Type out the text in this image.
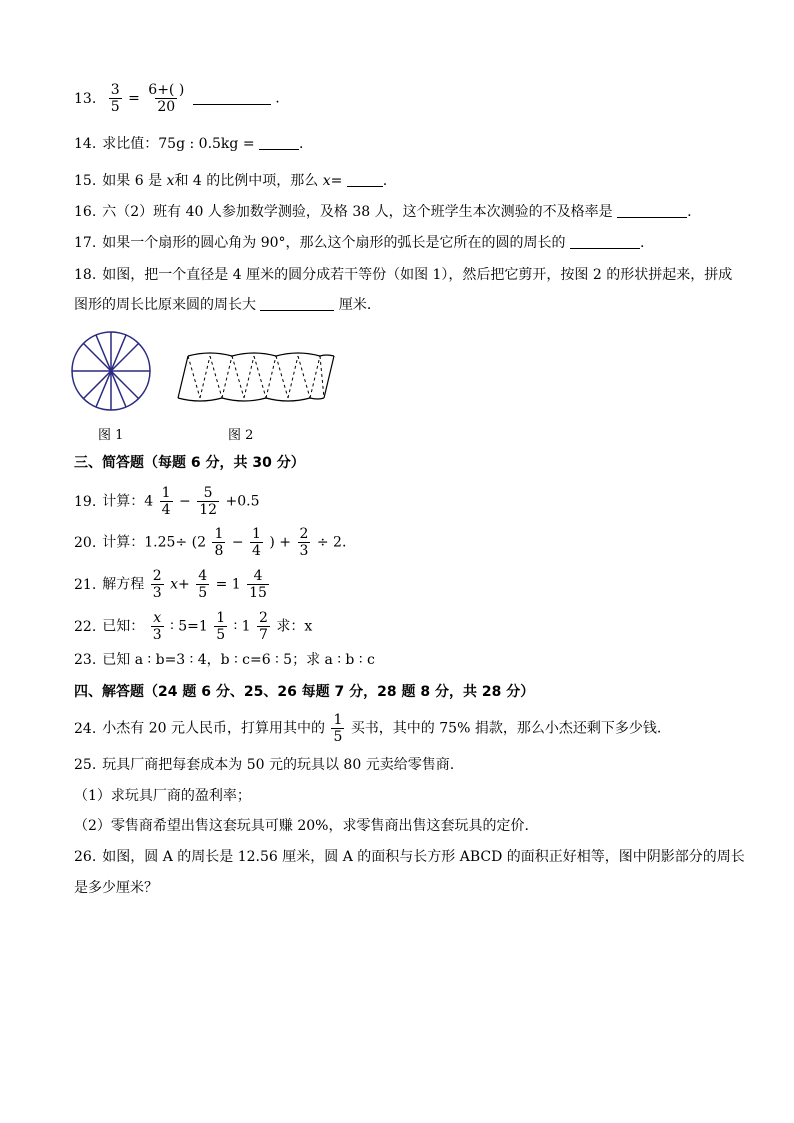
13. $\frac{3}{5} = \frac{6+( )}{20}$	.
14. 求比值：75g : 0.5kg =	.
15. 如果 6 是 x和 4 的比例中项，那么 x=	.
16. 六（2）班有 40 人参加数学测验，及格 38 人，这个班学生本次测验的不及格率是	.
17. 如果一个扇形的圆心角为 90°，那么这个扇形的弧长是它所在的圆的周长的	.
18. 如图，把一个直径是 4 厘米的圆分成若干等份（如图 1），然后把它剪开，按图 2 的形状拼起来，拼成
图形的周长比原来圆的周长大	厘米.
图 1	图 2
三、简答题（每题 6 分，共 30 分）
19. 计算：$4 \frac{1}{4} - \frac{5}{12} +0.5$
20. 计算：$1.25\div (2 \frac{1}{8} - \frac{1}{4}$ ) + $\frac{2}{3} \div 2$.
21. 解方程 $\frac{2}{3} x+ \frac{4}{5} = 1 \frac{4}{15}$
22. 已知： $\frac{x}{3}$ ∶ $5=1 \frac{1}{5}$ ∶ $1 \frac{2}{7}$ 求：x
23. 已知 a ∶ b=3 ∶ 4，b ∶ c=6 ∶ 5；求 a ∶ b ∶ c
四、解答题（24 题 6 分、25、26 每题 7 分，28 题 8 分，共 28 分）
24. 小杰有 20 元人民币，打算用其中的 $\frac{1}{5}$ 买书，其中的 75% 捐款，那么小杰还剩下多少钱.
25. 玩具厂商把每套成本为 50 元的玩具以 80 元卖给零售商.
（1）求玩具厂商的盈利率；
（2）零售商希望出售这套玩具可赚 20%，求零售商出售这套玩具的定价.
26. 如图，圆 A 的周长是 12.56 厘米，圆 A 的面积与长方形 ABCD 的面积正好相等，图中阴影部分的周长
是多少厘米？
